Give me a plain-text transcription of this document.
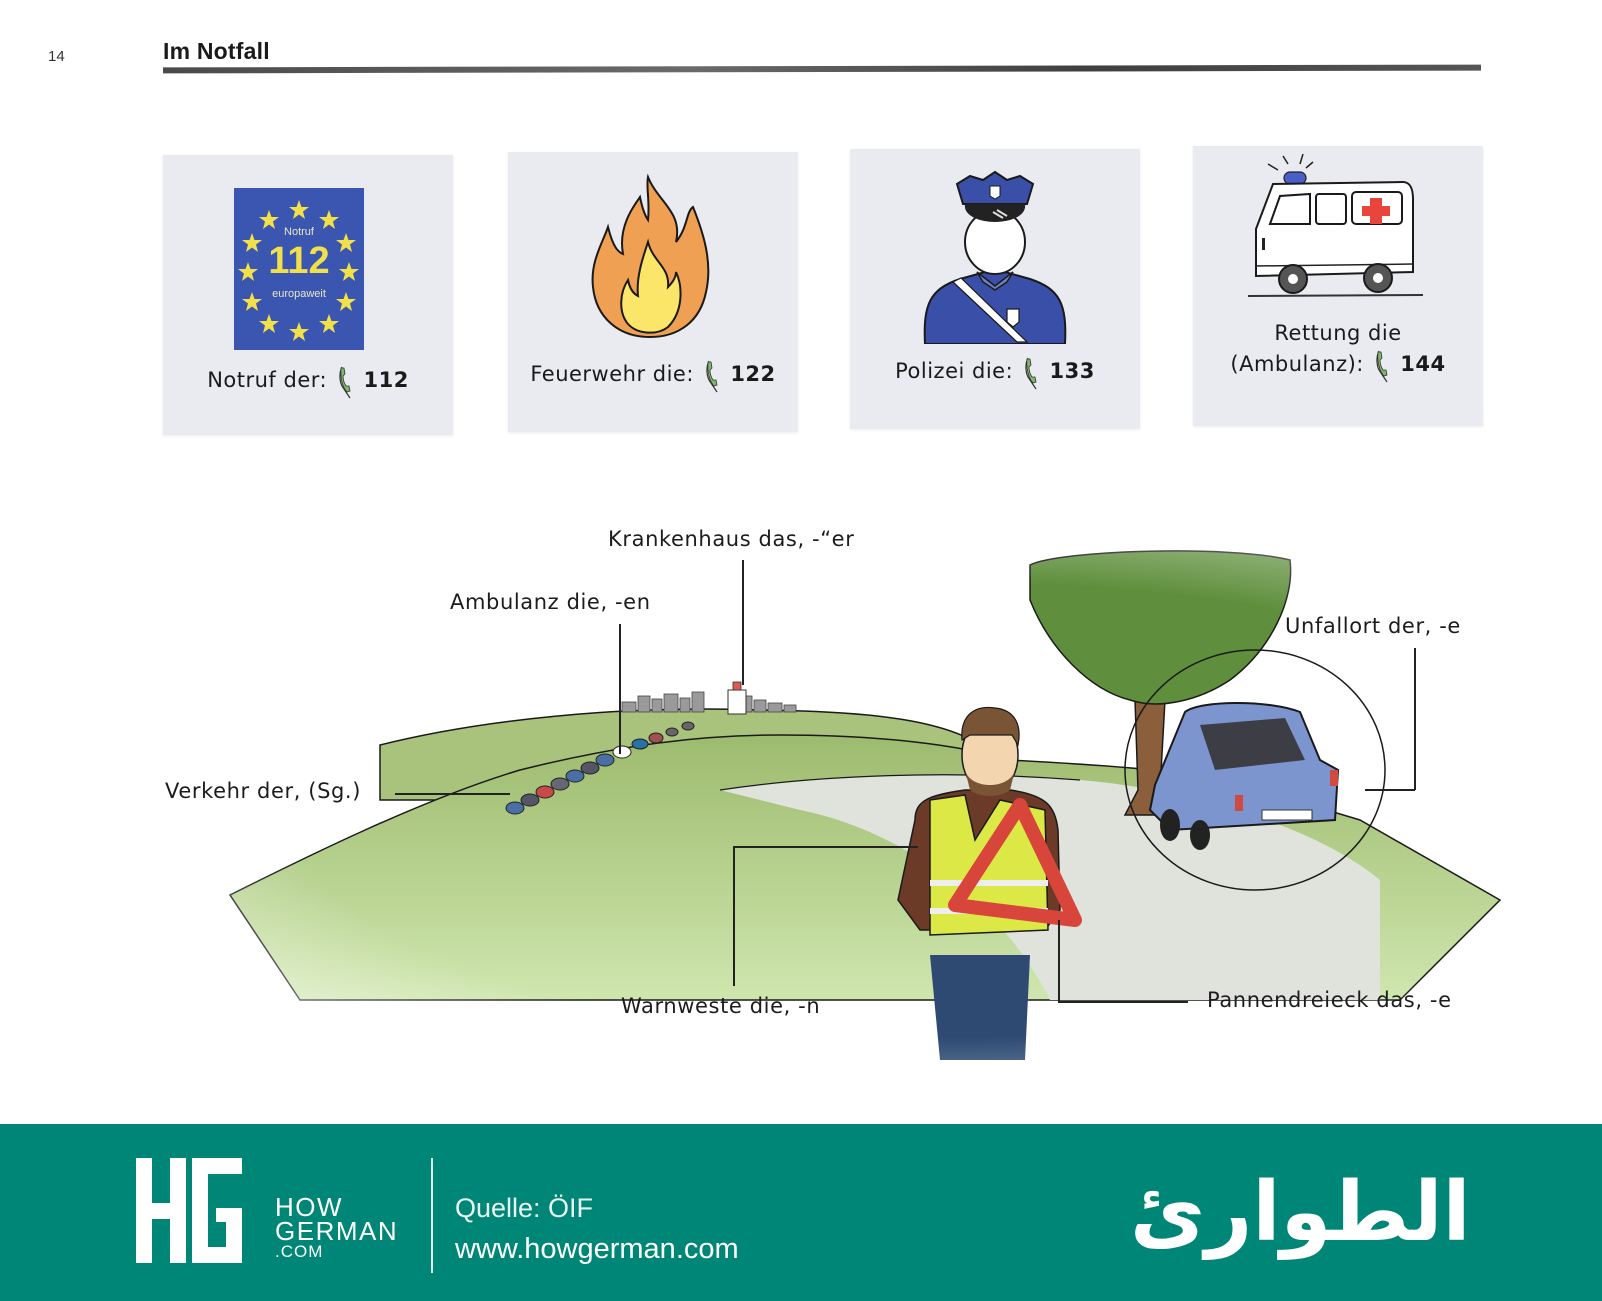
14	Im Notfall
Notruf
112
europaweit
Notruf der: 112	Feuerwehr die: 122	Polizei die: 133
Rettung die
(Ambulanz): 144
Krankenhaus das, -“er
Ambulanz die, -en
Verkehr der, (Sg.)
Unfallort der, -e
Warnweste die, -n	Pannendreieck das, -e
HOW
GERMAN
.COM
Quelle: ÖIF
www.howgerman.com	الطوارئ
